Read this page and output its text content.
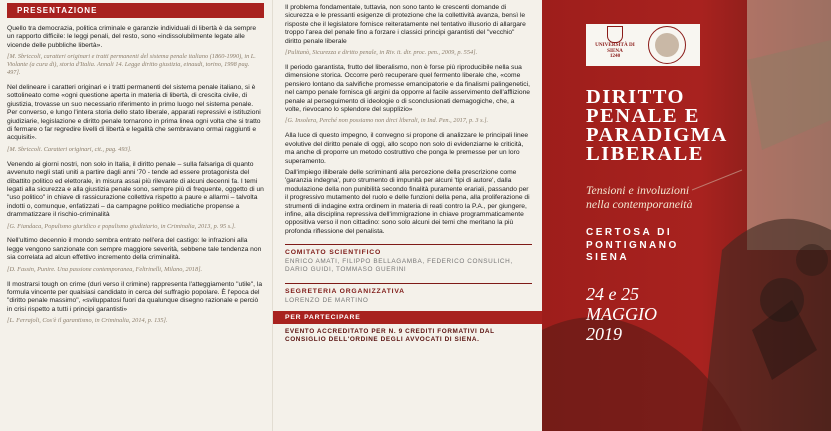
PRESENTAZIONE

Quello tra democrazia, politica criminale e garanzie individuali di libertà è da sempre un rapporto difficile: le leggi penali, del resto, sono «indissolubilmente legate alle vicende delle pubbliche libertà».

[M. Sbriccoli, caratteri originari e tratti permanenti del sistema penale italiano (1860-1990), in L. Violante (a cura di), storia d'Italia. Annali 14. Legge diritto giustizia, einaudi, torino, 1998 pag. 497].

Nel delineare i caratteri originari e i tratti permanenti del sistema penale italiano, si è sottolineato come «ogni questione aperta in materia di libertà, di crescita civile, di giustizia, trovasse un suo necessario riferimento in primo luogo nel sistema penale. Per converso, e lungo l'intera storia dello stato liberale, apparati repressivi e istituzioni giudiziarie, legislazione e diritto penale tornarono in prima linea ogni volta che si tratto di fermare o far regredire livelli di libertà e legalità che sembravano ormai raggiunti e acquisiti».

[M. Sbriccoli. Caratteri originari, cit., pag. 493].

Venendo ai giorni nostri, non solo in Italia, il diritto penale – sulla falsariga di quanto avvenuto negli stati uniti a partire dagli anni '70 - tende ad essere protagonista del dibattito politico ed elettorale, in misura assai più rilevante di alcuni decenni fa. I temi legati alla sicurezza e alla giustizia penale sono, sempre più di frequente, oggetto di un "uso politico" in chiave di rassicurazione collettiva rispetto a paure e allarmi – talvolta indotti o, comunque, enfatizzati – da campagne politico mediatiche propense a drammatizzare il rischio-criminalità

[G. Fiandaca, Populismo giuridico e populismo giudiziario, in Criminalia, 2013, p. 95 s.].

Nell'ultimo decennio il mondo sembra entrato nell'era del castigo: le infrazioni alla legge vengono sanzionate con sempre maggiore severità, sebbene tale tendenza non sia correlata ad alcun effettivo incremento della criminalità.

[D. Fassin, Punire. Una passione contemporanea, Feltrinelli, Milano, 2018].

Il mostrarsi tough on crime (duri verso il crimine) rappresenta l'atteggiamento "utile", la formula vincente per qualsiasi candidato in cerca del suffragio popolare. È l'epoca del "diritto penale massimo", «sviluppatosi fuori da qualunque disegno razionale e perciò in crisi rispetto a tutti i principi garantisti»

[L. Ferrajoli, Cos'è il garantismo, in Criminalia, 2014, p. 135].

Il problema fondamentale, tuttavia, non sono tanto le crescenti domande di sicurezza e le pressanti esigenze di protezione che la collettività avanza, bensì le risposte che il legislatore fornisce reiteratamente nel tentativo illusorio di allargare troppo l'area del penale fino a forzare i classici principi garantisti del "vecchio" diritto penale liberale

[Pulitanò, Sicurezza e diritto penale, in Riv. it. dir. proc. pen., 2009, p. 554].

Il periodo garantista, frutto del liberalismo, non è forse più riproducibile nella sua dimensione storica. Occorre però recuperare quel fermento liberale che, «come pensiero lontano da salvifiche promesse emancipatorie e da finalismi palingenetici, nel campo penale fornisca gli argini da opporre al facile asservimento dell'afflizione penale al perseguimento di ideologie o di sconclusionati demagogiche, che, a volte, rievocano lo splendore del supplizio»

[G. Insolera, Perché non possiamo non dirci liberali, in Ind. Pen., 2017, p. 3 s.].

Alla luce di questo impegno, il convegno si propone di analizzare le principali linee evolutive del diritto penale di oggi, allo scopo non solo di evidenziarne le criticità, ma anche di proporre un metodo costruttivo che ponga le premesse per un loro superamento.

Dall'impiego illiberale delle scriminanti alla percezione della prescrizione come 'garanzia indegna', puro strumento di impunità per alcuni 'tipi di autore', dalla modulazione della non punibilità secondo finalità puramente erariali, passando per il progressivo mutamento del ruolo e delle funzioni della pena, alla proliferazione di strumenti di indagine extra ordinem in materia di reati contro la P.A., per giungere, infine, alla disciplina repressiva dell'immigrazione in chiave programmaticamente oppositiva verso il non cittadino: sono solo alcuni dei temi che meritano la più profonda riflessione del penalista.

COMITATO SCIENTIFICO
ENRICO AMATI, FILIPPO BELLAGAMBA, FEDERICO CONSULICH,
DARIO GUIDI, TOMMASO GUERINI
SEGRETERIA ORGANIZZATIVA
LORENZO DE MARTINO
PER PARTECIPARE
EVENTO ACCREDITATO PER N. 9 CREDITI FORMATIVI DAL
CONSIGLIO DELL'ORDINE DEGLI AVVOCATI DI SIENA.
UNIVERSITÀ DI SIENA
1240
DIRITTO
PENALE E
PARADIGMA
LIBERALE
Tensioni e involuzioni
nella contemporaneità
CERTOSA DI
PONTIGNANO
SIENA
24 e 25
MAGGIO
2019
